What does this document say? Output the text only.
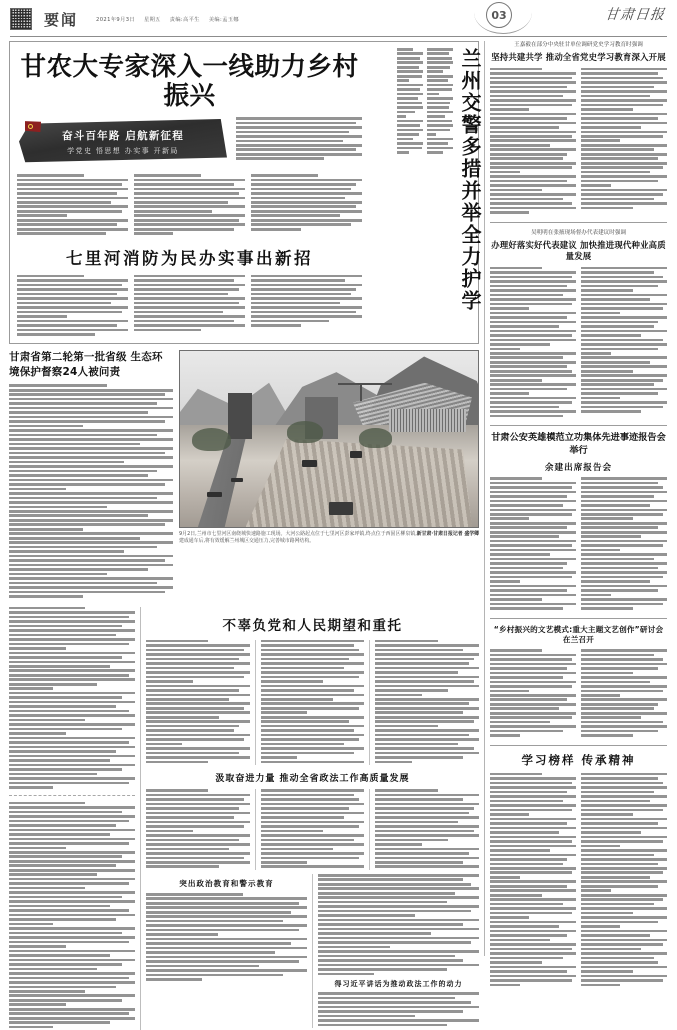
要闻	2021年9月3日 星期五 责编:高平生 美编:孟玉娜	03	甘肃日报
甘农大专家深入一线助力乡村振兴
奋斗百年路 启航新征程
学党史 悟思想 办实事 开新局
七里河消防为民办实事出新招	兰州交警多措并举全力护学
甘肃省第二轮第一批省级 生态环境保护督察24人被问责
新甘肃·甘肃日报记者 盛学卿
9月2日,兰州市七里河区南绕城快速路施工现场。大河公路起点位于七里河区彭家坪镇,终点位于西固区柳泉镇,建成通车后,将有效缓解兰州城区交通压力,完善城市路网结构。
不辜负党和人民期望和重托
汲取奋进力量 推动全省政法工作高质量发展
突出政治教育和警示教育
得习近平讲话为推动政法工作的动力
王嘉毅在部分中央驻甘单位调研党史学习教育时强调
坚持共建共学 推动全省党史学习教育深入开展
吴明明在张掖现场督办代表建议时强调
办理好落实好代表建议 加快推进现代种业高质量发展
甘肃公安英雄模范立功集体先进事迹报告会举行
余建出席报告会
“乡村振兴的文艺模式:重大主题文艺创作”研讨会在兰召开
学习榜样 传承精神
